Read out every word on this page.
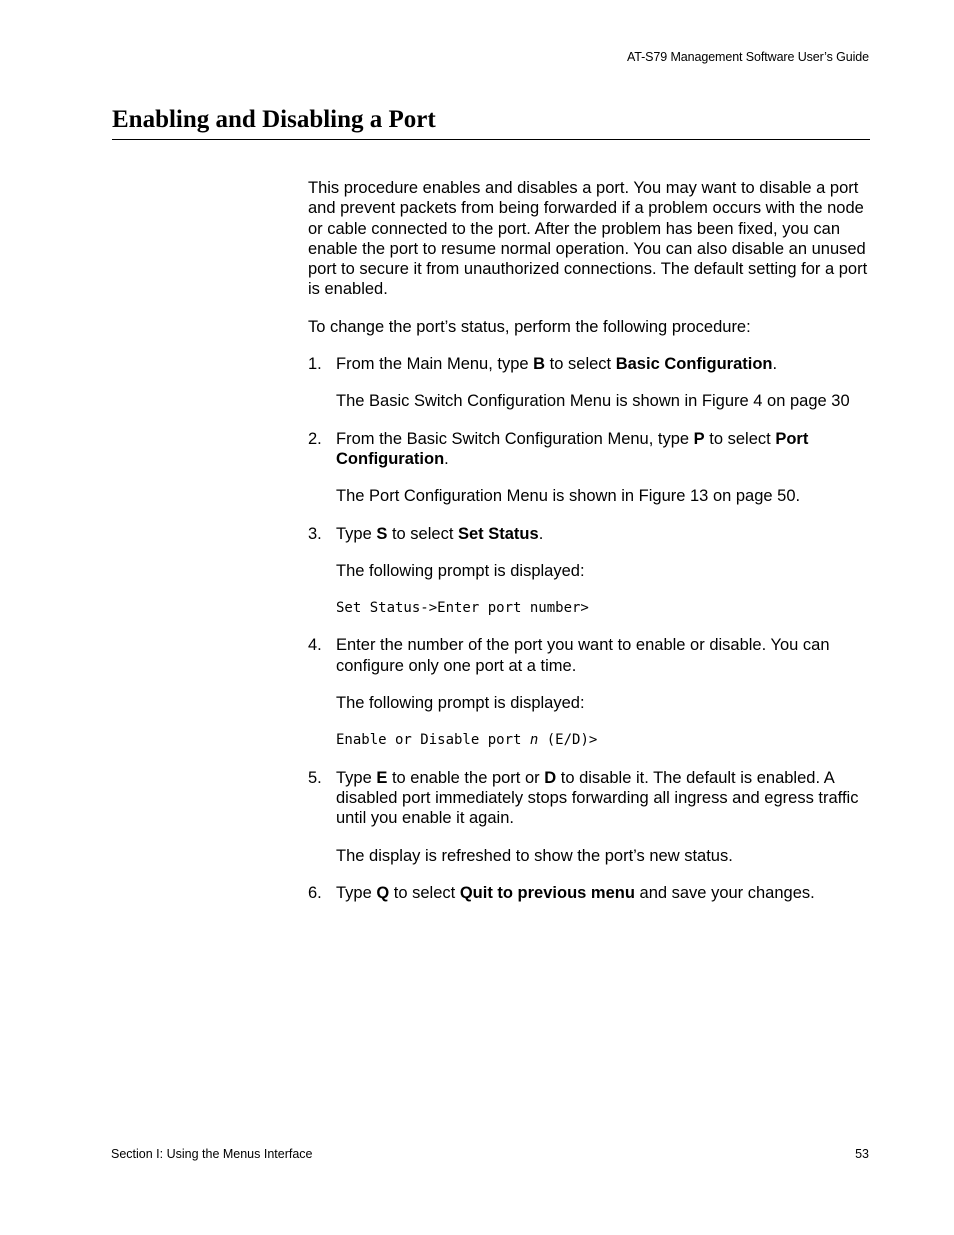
AT-S79 Management Software User’s Guide
Enabling and Disabling a Port

This procedure enables and disables a port. You may want to disable a port and prevent packets from being forwarded if a problem occurs with the node or cable connected to the port. After the problem has been fixed, you can enable the port to resume normal operation. You can also disable an unused port to secure it from unauthorized connections. The default setting for a port is enabled.

To change the port’s status, perform the following procedure:

1. From the Main Menu, type B to select Basic Configuration.

The Basic Switch Configuration Menu is shown in Figure 4 on page 30

2. From the Basic Switch Configuration Menu, type P to select Port Configuration.

The Port Configuration Menu is shown in Figure 13 on page 50.

3. Type S to select Set Status.

The following prompt is displayed:

Set Status->Enter port number>
4. Enter the number of the port you want to enable or disable. You can configure only one port at a time.

The following prompt is displayed:

Enable or Disable port n (E/D)>
5. Type E to enable the port or D to disable it. The default is enabled. A disabled port immediately stops forwarding all ingress and egress traffic until you enable it again.

The display is refreshed to show the port’s new status.

6. Type Q to select Quit to previous menu and save your changes.
Section I: Using the Menus Interface	53
